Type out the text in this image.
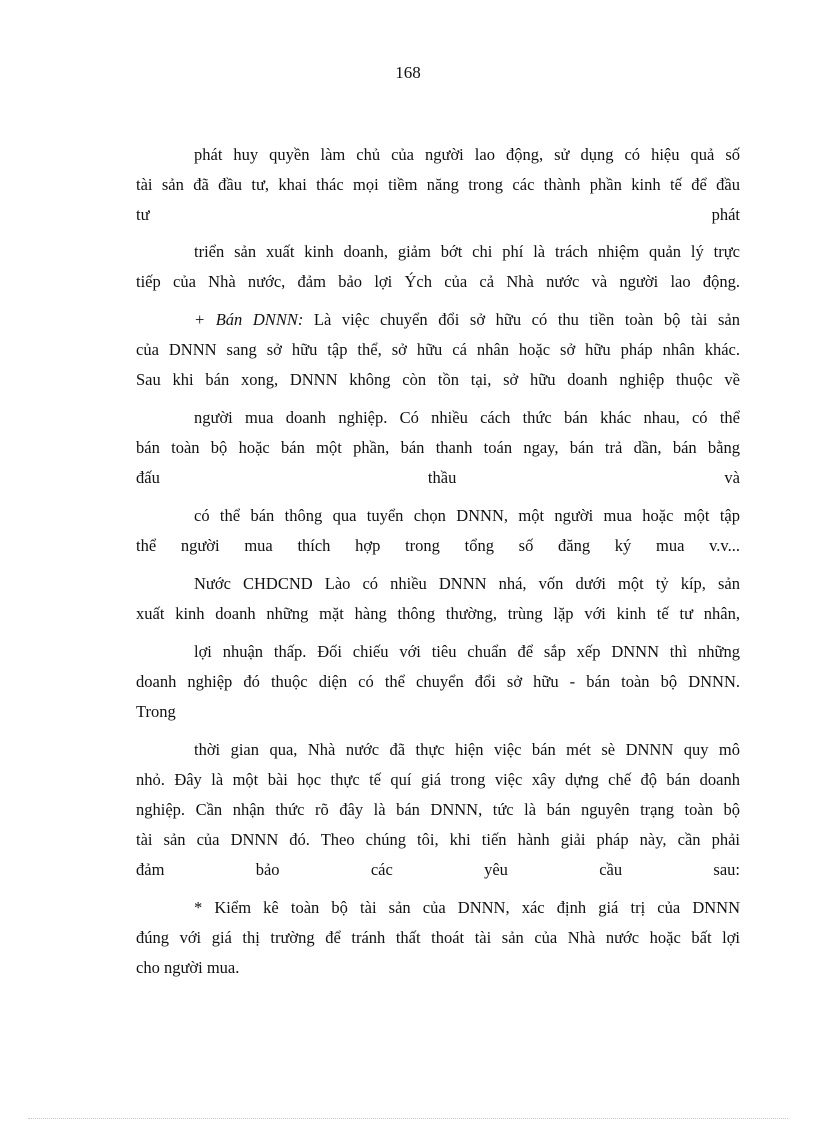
168
phát huy quyền làm chủ của người lao động, sử dụng có hiệu quả số
tài sản đã đầu tư, khai thác mọi tiềm năng trong các thành phần kinh tế để đầu
tư phát
triển sản xuất kinh doanh, giảm bớt chi phí là trách nhiệm quản lý trực
tiếp của Nhà nước, đảm bảo lợi Ých của cả Nhà nước và người lao động.
+ Bán DNNN: Là việc chuyển đổi sở hữu có thu tiền toàn bộ tài sản
của DNNN sang sở hữu tập thể, sở hữu cá nhân hoặc sở hữu pháp nhân khác.
Sau khi bán xong, DNNN không còn tồn tại, sở hữu doanh nghiệp thuộc về
người mua doanh nghiệp. Có nhiều cách thức bán khác nhau, có thể
bán toàn bộ hoặc bán một phần, bán thanh toán ngay, bán trả dần, bán bằng
đấu thầu và
có thể bán thông qua tuyển chọn DNNN, một người mua hoặc một tập
thể người mua thích hợp trong tổng số đăng ký mua v.v...
Nước CHDCND Lào có nhiều DNNN nhá, vốn dưới một tỷ kíp, sản
xuất kinh doanh những mặt hàng thông thường, trùng lặp với kinh tế tư nhân,
lợi nhuận thấp. Đối chiếu với tiêu chuẩn để sắp xếp DNNN thì những
doanh nghiệp đó thuộc diện có thể chuyển đổi sở hữu - bán toàn bộ DNNN.
Trong
thời gian qua, Nhà nước đã thực hiện việc bán mét sè DNNN quy mô
nhỏ. Đây là một bài học thực tế quí giá trong việc xây dựng chế độ bán doanh
nghiệp. Cần nhận thức rõ đây là bán DNNN, tức là bán nguyên trạng toàn bộ
tài sản của DNNN đó. Theo chúng tôi, khi tiến hành giải pháp này, cần phải
đảm bảo các yêu cầu sau:
* Kiểm kê toàn bộ tài sản của DNNN, xác định giá trị của DNNN
đúng với giá thị trường để tránh thất thoát tài sản của Nhà nước hoặc bất lợi
cho người mua.
